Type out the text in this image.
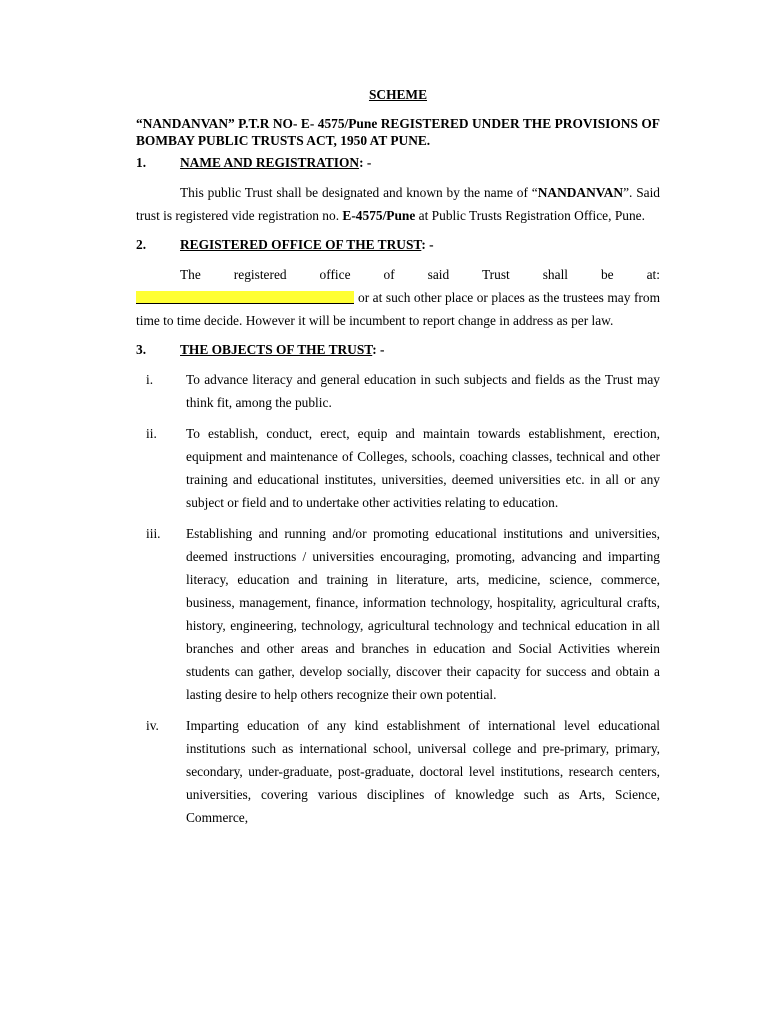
SCHEME
“NANDANVAN” P.T.R NO- E- 4575/Pune REGISTERED UNDER THE PROVISIONS OF BOMBAY PUBLIC TRUSTS ACT, 1950 AT PUNE.
1.	NAME AND REGISTRATION: -
This public Trust shall be designated and known by the name of “NANDANVAN”. Said trust is registered vide registration no. E-4575/Pune at Public Trusts Registration Office, Pune.
2.	REGISTERED OFFICE OF THE TRUST: -
The registered office of said Trust shall be at:
or at such other place or places as the trustees may from time to time decide. However it will be incumbent to report change in address as per law.
3.	THE OBJECTS OF THE TRUST: -
i.	To advance literacy and general education in such subjects and fields as the Trust may think fit, among the public.
ii.	To establish, conduct, erect, equip and maintain towards establishment, erection, equipment and maintenance of Colleges, schools, coaching classes, technical and other training and educational institutes, universities, deemed universities etc. in all or any subject or field and to undertake other activities relating to education.
iii.	Establishing and running and/or promoting educational institutions and universities, deemed instructions / universities encouraging, promoting, advancing and imparting literacy, education and training in literature, arts, medicine, science, commerce, business, management, finance, information technology, hospitality, agricultural crafts, history, engineering, technology, agricultural technology and technical education in all branches and other areas and branches in education and Social Activities wherein students can gather, develop socially, discover their capacity for success and obtain a lasting desire to help others recognize their own potential.
iv.	Imparting education of any kind establishment of international level educational institutions such as international school, universal college and pre-primary, primary, secondary, under-graduate, post-graduate, doctoral level institutions, research centers, universities, covering various disciplines of knowledge such as Arts, Science, Commerce,
